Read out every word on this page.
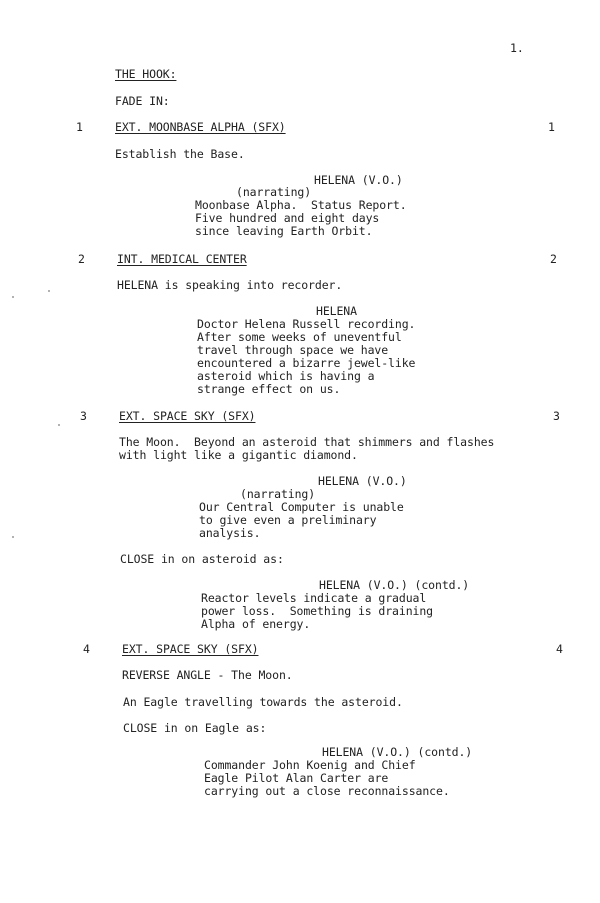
1.
THE HOOK:
FADE IN:
1	EXT. MOONBASE ALPHA (SFX)	1
Establish the Base.
HELENA (V.O.)
(narrating)
Moonbase Alpha.  Status Report.
Five hundred and eight days
since leaving Earth Orbit.
2	INT. MEDICAL CENTER	2
HELENA is speaking into recorder.
HELENA
Doctor Helena Russell recording.
After some weeks of uneventful
travel through space we have
encountered a bizarre jewel-like
asteroid which is having a
strange effect on us.
3	EXT. SPACE SKY (SFX)	3
The Moon.  Beyond an asteroid that shimmers and flashes
with light like a gigantic diamond.
HELENA (V.O.)
(narrating)
Our Central Computer is unable
to give even a preliminary
analysis.
CLOSE in on asteroid as:
HELENA (V.O.) (contd.)
Reactor levels indicate a gradual
power loss.  Something is draining
Alpha of energy.
4	EXT. SPACE SKY (SFX)	4
REVERSE ANGLE - The Moon.
An Eagle travelling towards the asteroid.
CLOSE in on Eagle as:
HELENA (V.O.) (contd.)
Commander John Koenig and Chief
Eagle Pilot Alan Carter are
carrying out a close reconnaissance.
